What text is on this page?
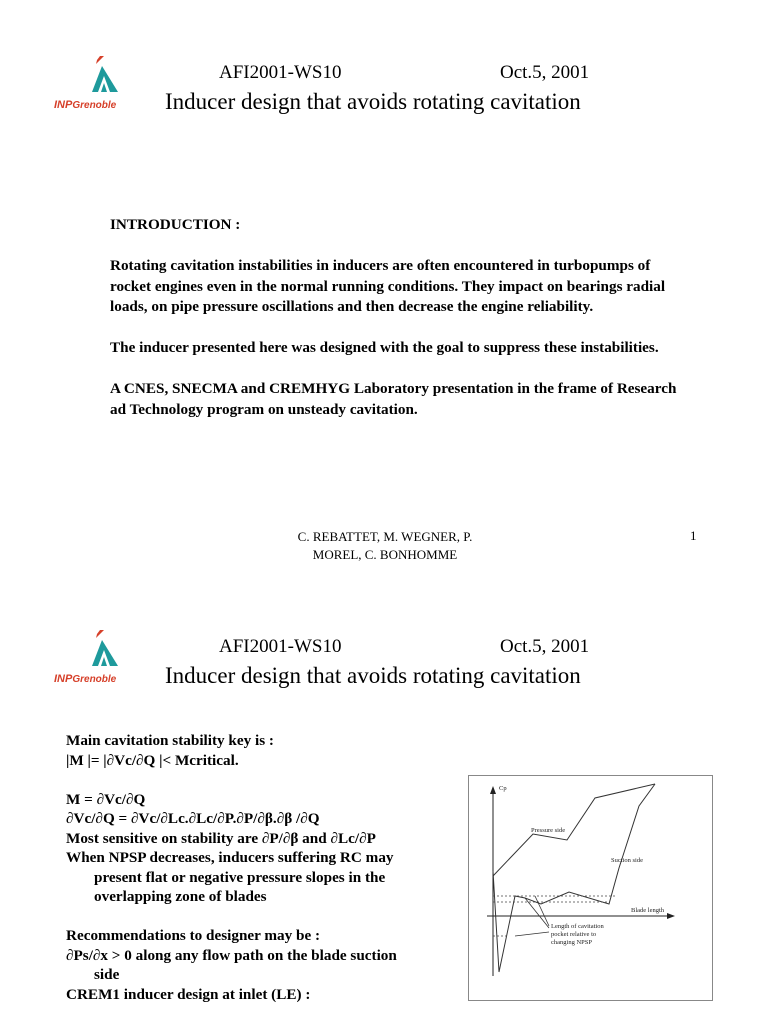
INPGrenoble
AFI2001-WS10	Oct.5, 2001
Inducer design that avoids rotating cavitation

INTRODUCTION :

Rotating cavitation instabilities in inducers are often encountered in turbopumps of rocket engines even in the normal running conditions. They impact on bearings radial loads, on pipe pressure oscillations and then decrease the engine reliability.

The inducer presented here was designed with the goal to suppress these instabilities.

A CNES, SNECMA and CREMHYG Laboratory presentation in the frame of Research ad Technology program on unsteady cavitation.

C. REBATTET, M. WEGNER, P.
MOREL, C. BONHOMME
1
INPGrenoble
AFI2001-WS10	Oct.5, 2001
Inducer design that avoids rotating cavitation
Main cavitation stability key is :
|M |= |∂Vc/∂Q |< Mcritical.
M = ∂Vc/∂Q
∂Vc/∂Q = ∂Vc/∂Lc.∂Lc/∂P.∂P/∂β.∂β /∂Q
Most sensitive on stability are ∂P/∂β and ∂Lc/∂P
When NPSP decreases, inducers suffering RC may
present flat or negative pressure slopes in the
overlapping zone of blades
Recommendations to designer may be :
∂Ps/∂x > 0 along any flow path on the blade suction
side
CREM1 inducer design at inlet (LE) :
Cp
Pressure side
Suction side
Blade length
Length of cavitation
pocket relative to
changing NPSP
